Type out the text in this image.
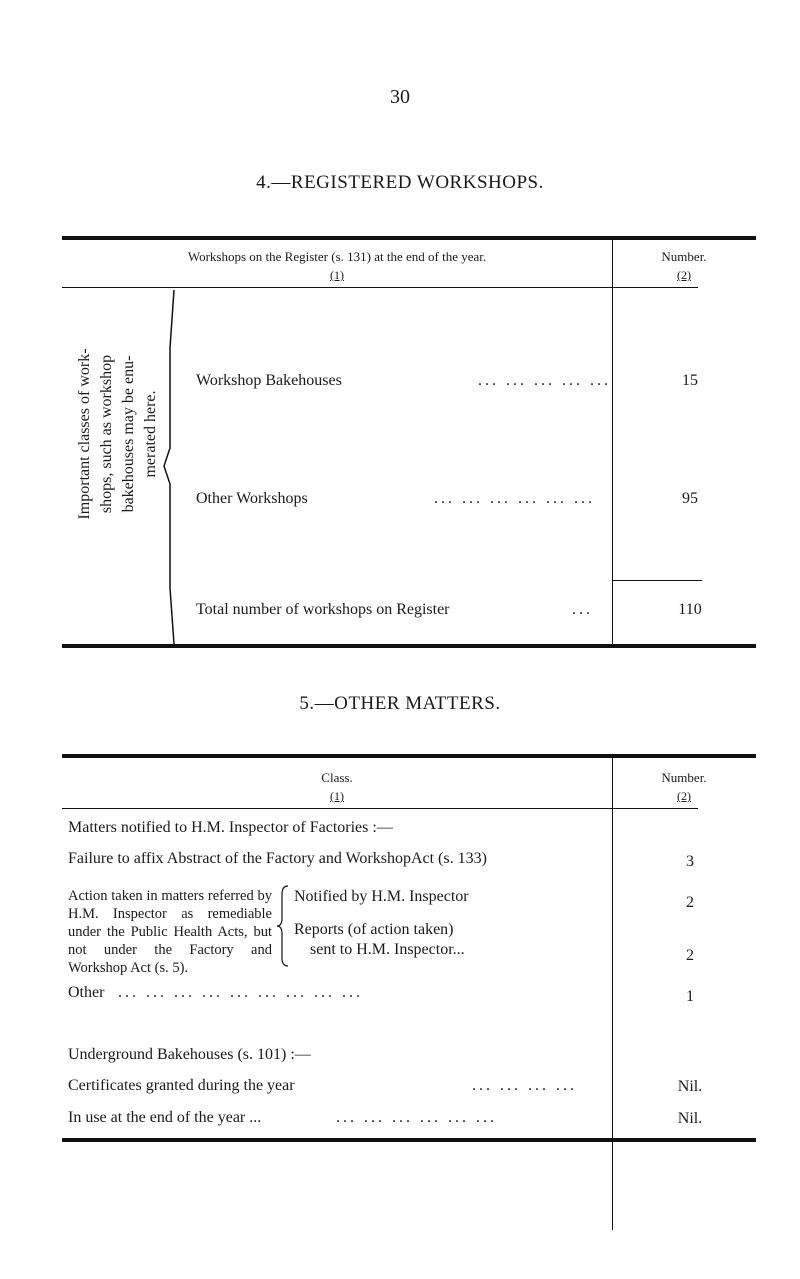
30
4.—REGISTERED WORKSHOPS.
Workshops on the Register (s. 131) at the end of the year.
(1)
Number.
(2)
Important classes of work- shops, such as workshop bakehouses may be enu- merated here.
Workshop Bakehouses	... ... ... ... ...	15
Other Workshops	... ... ... ... ... ...	95
Total number of workshops on Register	...	110
5.—OTHER MATTERS.
Class.
(1)
Number.
(2)
Matters notified to H.M. Inspector of Factories :—
Failure to affix Abstract of the Factory and WorkshopAct (s. 133)	3
Action taken in matters referred by H.M. Inspector as remediable under the Public Health Acts, but not under the Factory and Workshop Act (s. 5).
Notified by H.M. Inspector	2
Reports (of action taken)
sent to H.M. Inspector...	2
Other ... ... ... ... ... ... ... ... ...	1
Underground Bakehouses (s. 101) :—
Certificates granted during the year	... ... ... ...	Nil.
In use at the end of the year ...	... ... ... ... ... ...	Nil.
